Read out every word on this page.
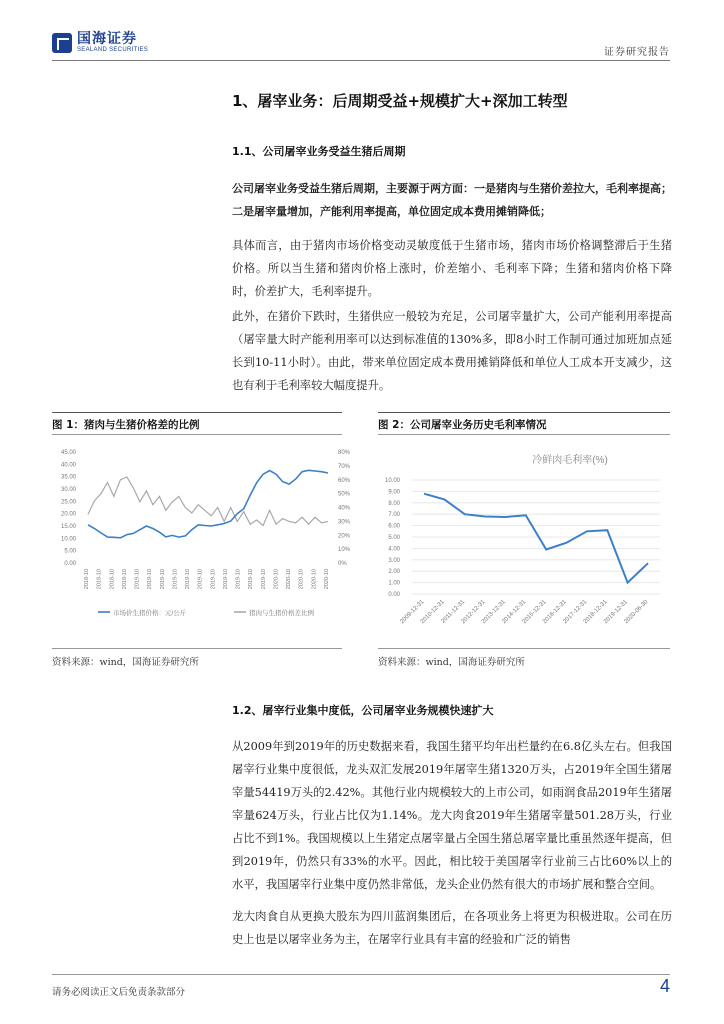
国海证券
SEALAND SECURITIES	证券研究报告
1、屠宰业务：后周期受益+规模扩大+深加工转型
1.1、公司屠宰业务受益生猪后周期
公司屠宰业务受益生猪后周期，主要源于两方面：一是猪肉与生猪价差拉大，毛利率提高；二是屠宰量增加，产能利用率提高，单位固定成本费用摊销降低；
具体而言，由于猪肉市场价格变动灵敏度低于生猪市场，猪肉市场价格调整滞后于生猪价格。所以当生猪和猪肉价格上涨时，价差缩小、毛利率下降；生猪和猪肉价格下降时，价差扩大，毛利率提升。
此外，在猪价下跌时，生猪供应一般较为充足，公司屠宰量扩大，公司产能利用率提高（屠宰量大时产能利用率可以达到标准值的130%多，即8小时工作制可通过加班加点延长到10-11小时）。由此，带来单位固定成本费用摊销降低和单位人工成本开支减少，这也有利于毛利率较大幅度提升。
图 1：猪肉与生猪价格差的比例	图 2：公司屠宰业务历史毛利率情况
45.00
40.00
35.00
30.00
25.00
20.00
15.00
10.00
5.00
0.00
80%
70%
60%
50%
40%
30%
20%
10%
0%
2018-10 2018-10 2018-10 2018-10 2019-10 2019-10 2019-10 2019-10 2019-10 2019-10 2019-10 2019-10 2019-10 2019-10 2019-10 2020-10 2020-10 2020-10 2020-10 2020-10
市场价生猪价格：元/公斤	猪肉与生猪价格差比例
冷鲜肉毛利率(%)
10.00
9.00
8.00
7.00
6.00
5.00
4.00
3.00
2.00
1.00
0.00
2009-12-31
2010-12-31
2011-12-31
2012-12-31
2013-12-31
2014-12-31
2015-12-31
2016-12-31
2017-12-31
2018-12-31
2019-12-31
2020-06-30
资料来源：wind，国海证券研究所	资料来源：wind，国海证券研究所
1.2、屠宰行业集中度低，公司屠宰业务规模快速扩大
从2009年到2019年的历史数据来看，我国生猪平均年出栏量约在6.8亿头左右。但我国屠宰行业集中度很低，龙头双汇发展2019年屠宰生猪1320万头，占2019年全国生猪屠宰量54419万头的2.42%。其他行业内规模较大的上市公司，如雨润食品2019年生猪屠宰量624万头，行业占比仅为1.14%。龙大肉食2019年生猪屠宰量501.28万头，行业占比不到1%。我国规模以上生猪定点屠宰量占全国生猪总屠宰量比重虽然逐年提高，但到2019年，仍然只有33%的水平。因此，相比较于美国屠宰行业前三占比60%以上的水平，我国屠宰行业集中度仍然非常低，龙头企业仍然有很大的市场扩展和整合空间。
龙大肉食自从更换大股东为四川蓝润集团后，在各项业务上将更为积极进取。公司在历史上也是以屠宰业务为主，在屠宰行业具有丰富的经验和广泛的销售
请务必阅读正文后免责条款部分	4
